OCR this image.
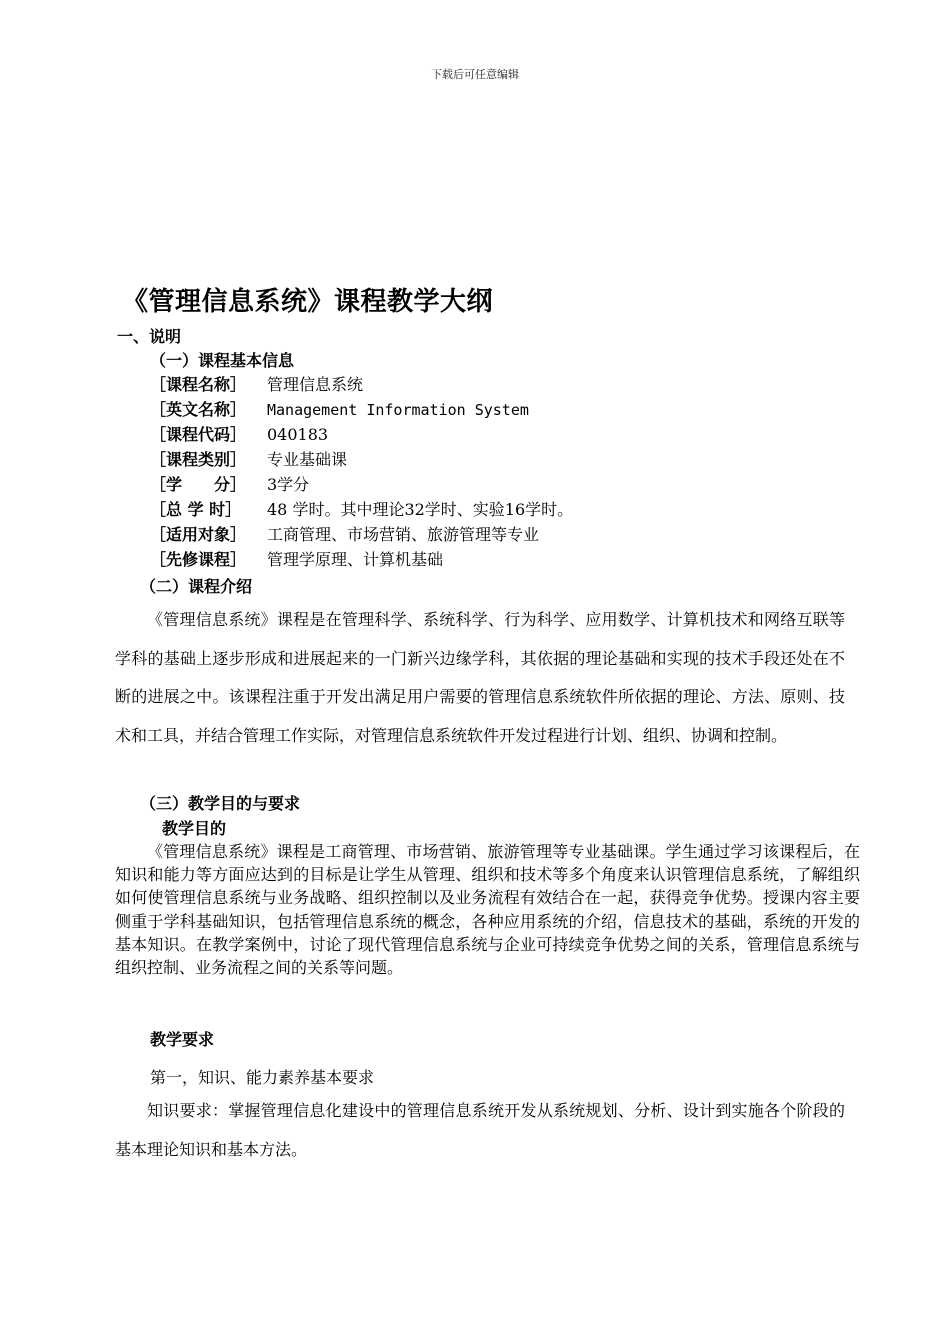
下载后可任意编辑
《管理信息系统》课程教学大纲
一、说明
（一）课程基本信息
［课程名称］ 管理信息系统
［英文名称］ Management Information System
［课程代码］ 040183
［课程类别］ 专业基础课
［学　　分］ 3学分
［总 学 时］ 48 学时。其中理论32学时、实验16学时。
［适用对象］ 工商管理、市场营销、旅游管理等专业
［先修课程］ 管理学原理、计算机基础
（二）课程介绍

《管理信息系统》课程是在管理科学、系统科学、行为科学、应用数学、计算机技术和网络互联等学科的基础上逐步形成和进展起来的一门新兴边缘学科，其依据的理论基础和实现的技术手段还处在不断的进展之中。该课程注重于开发出满足用户需要的管理信息系统软件所依据的理论、方法、原则、技术和工具，并结合管理工作实际，对管理信息系统软件开发过程进行计划、组织、协调和控制。

（三）教学目的与要求
教学目的

《管理信息系统》课程是工商管理、市场营销、旅游管理等专业基础课。学生通过学习该课程后，在知识和能力等方面应达到的目标是让学生从管理、组织和技术等多个角度来认识管理信息系统，了解组织如何使管理信息系统与业务战略、组织控制以及业务流程有效结合在一起，获得竞争优势。授课内容主要侧重于学科基础知识，包括管理信息系统的概念，各种应用系统的介绍，信息技术的基础，系统的开发的基本知识。在教学案例中，讨论了现代管理信息系统与企业可持续竞争优势之间的关系，管理信息系统与组织控制、业务流程之间的关系等问题。

教学要求
第一，知识、能力素养基本要求

知识要求：掌握管理信息化建设中的管理信息系统开发从系统规划、分析、设计到实施各个阶段的基本理论知识和基本方法。
